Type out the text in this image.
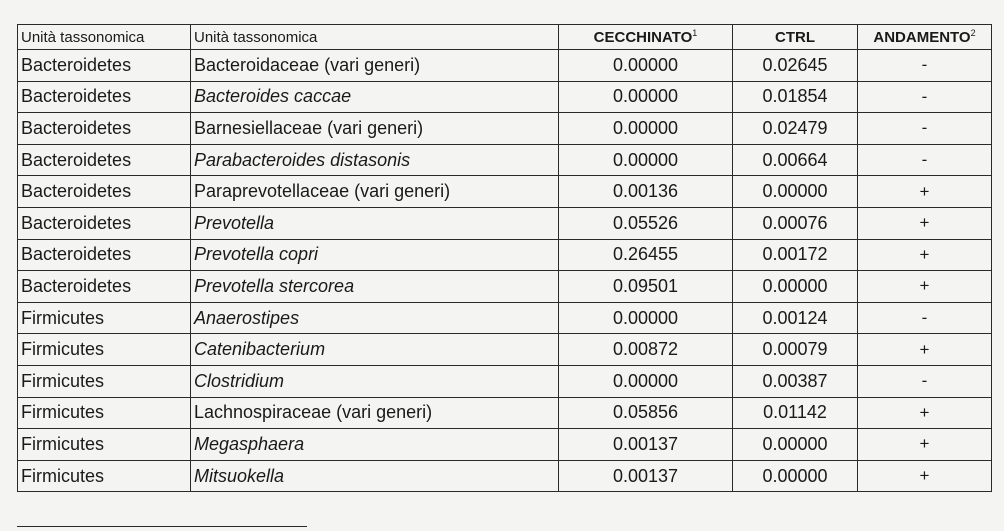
Unità tassonomica	Unità tassonomica	CECCHINATO$^1$	CTRL	ANDAMENTO$^2$
Bacteroidetes	Bacteroidaceae (vari generi)	0.00000	0.02645	-
Bacteroidetes	Bacteroides caccae	0.00000	0.01854	-
Bacteroidetes	Barnesiellaceae (vari generi)	0.00000	0.02479	-
Bacteroidetes	Parabacteroides distasonis	0.00000	0.00664	-
Bacteroidetes	Paraprevotellaceae (vari generi)	0.00136	0.00000	+
Bacteroidetes	Prevotella	0.05526	0.00076	+
Bacteroidetes	Prevotella copri	0.26455	0.00172	+
Bacteroidetes	Prevotella stercorea	0.09501	0.00000	+
Firmicutes	Anaerostipes	0.00000	0.00124	-
Firmicutes	Catenibacterium	0.00872	0.00079	+
Firmicutes	Clostridium	0.00000	0.00387	-
Firmicutes	Lachnospiraceae (vari generi)	0.05856	0.01142	+
Firmicutes	Megasphaera	0.00137	0.00000	+
Firmicutes	Mitsuokella	0.00137	0.00000	+
